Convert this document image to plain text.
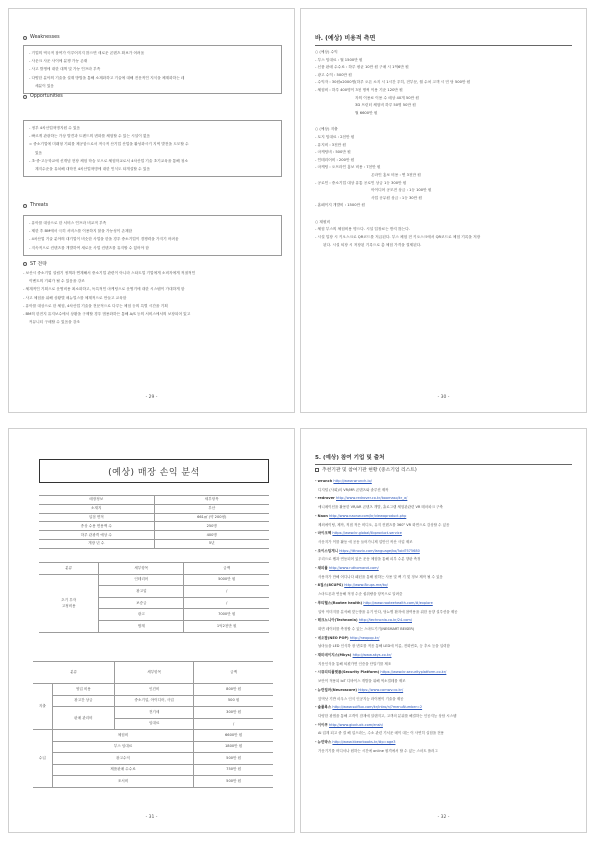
Weaknesses
- 기업의 역국적 참여가 이루어지지 않으면 새로운 콘텐츠 확보가 어려움
- 사운크 사운 사이에 분쟁 가능 존재
- 사고 발생에 대한 대책 및 가능 인프라 부족
- 다양한 분야의 기술을 설계 방법을 통해 소재화하고 기술에 대해 전문적인 지식을 체계화하는 데
세분이 있음
Opportunities
- 정부 4차산업혁명지원 수 있음
- 빠르게 관광하는 가상 발견과 트렌드의 변화를 체험할 수 있는 시설이 없음
= 중소기업에 미래형 기회를 제공함으로서 적극적 산기업 산업을 활성화시키 지역 발전을 도모할 수
있음
- 초·중·고등학교에 신개념 현장 체험 학습 모으로 체험학교로서 4차산업 기술 초기교육을 통해 청소
계지수준을 유치해 대학진 4차산업혁명에 대한 인식도 타개설할 수 있음
Threats
- 유아를 대상으로 한 서비스 인프라 비교적 부족
- 제한 후 BM에서 극히 서비스를 이용하지 않을 가능성이 존재함
- 4차산업 기술 분야의 대기업이 비슷한 사업을 한을 경우 중소기업이 경쟁력을 가지기 어려움
- 지속적으로 컨텐츠를 개발하여 새로운 사업 컨텐츠를 유지할 수 있어야 함
ST 전략
- 보산시 중소기업 설립기 정책과 연계해서 중소기업 관련이 아니라 스타트업 기업에게 소비자에게 적절적인
이벤트의 기회가 될 수 있음을 강조
- 체계적인 기획으로 운영비용 최소화하고, 독특적인 마케팅으로 운영기에 대한 시스템이 가대하게 함
- 사고 체험을 위해 상황별 매뉴얼스를 체계적으로 만들고 교육함
- 유아를 대상으로 한 체험, 4차산업 기술을 전문적으로 다루는 체험 등의 특별 시간을 기획
- BM의 한전지 유지보수에서 상황을 구제할 경우 범용화하든 통해 A/S 등의 서비스에서의 보장되어 있고
커뮤니티 구매할 수 있음을 강조
- 29 -
바. (예상) 비용적 측면
○ (예상) 수익
- 부스 임대료 : 월 1500만 원
- 신품 판매 수수료 : 하루 평균 10만 원 구매 시 1억6만 원
- 광고 수익 : 500만 원
- 수익자 : 30원x2000명(하루 오픈 소지 시 1시간 우히, 전부문, 월 수처 고객 시 민 당 500만 원
- 체험비 : 하루 400명이 3천 명씩 이용 기준 120만 원
자의 이용료 이용 수 매상 40개 50만 원
3D 프린터 체험비 하루 50명 50만 원
월 6600만 원
○ (예상) 지출
- 토지 임대료 : 2천만 원
- 유지비 : 3천만 원
- 마케팅비 : 500만 원
- 인테리어비 : 200만 원
- 마케팅 : 오프라인 홍보 비용 : 7천만 원
온라인 홍보 비용 : 연 3천만 원
- 공로인 : 중소기업 대상 유통 공로인 상금 1등 300만 원
아이디어 공모전 상금 : 1등 100만 원
사업 공무원 상금 : 1등 30만 원
- 홈페이지 개발비 : 1500만 원
○ 재원비
- 체험 부스의 체험비용 명으다. 시설 입장료는 받지 않는다.
- 시설 입장 시 키오스크로 QR코드를 저급된다. 부스 체험 전 키오스크에서 QR코드로 체험 기록을 저장
된다. 시설 퇴장 시 저장된 기록으로 총 체험 가격을 결제된다.
- 30 -
(예상) 매장 손익 분석
매장정보	세부항목
소재지	부산
입점 면적	661㎡ (약 200평)
종상 수용 면용액 수	250명
하루 관광객 예상 수	400명
개장 년 수	5년
분류	세부항목	금액

초기 투자
고정비용	인테리어	5000만 원
	광고업	/
	보증금	/
	광고	7000만 원
	합계	1억2천만 원
분류		세부항목	금액
지출	영업 비용	인건비	800만 원
	광고간 상금	중소기업, 아이디어, 사업	500 원
	판매 관리비	전기세	300만 원
		임대료	/
수입	체험비		6600만 원
	부스 임대료		1800만 원
	광고수익		500만 원
	제품판매 수수료		750만 원
	조서비		500만 원
- 31 -
5. (예상) 참여 기업 및 출처
추천기관 및 참여기관 현황 (중소기업 리스트)
- wrunch http://www.wrunch.io/
디지털 (사회)의 VR/MR 콘텐츠와 솔루션 제작
- redrover http://www.redrover.co.kr/boomaso/kr_a/
애니메이션을 활용한 VR/AR 콘텐츠 개발, 홀로그램 체험관관련 VR 테마파크 구축
- Naon http://www.naonw.com/kr/viewaproduct.php
제외에이팅, 제작, 직접 적은 비디오, 유지 컨텐츠를 360° VR 화면으로 감상할 수 있음
- 마이크팩 https://www.kr.global/libproduct-service
사운지가 이를 활동 에 공동 들어가니제 업만인 작산 사업 제조
- 조이스팀게니 https://ittnovix.com/language/ko/?oid?575680
우리으로 웹과 연동되어 있은 운동 체험을 통해 피부 수분 향판 측정
- 채피플 http://www.ruthomarot.com/
사용자가 만해 어디나다 패턴을 통해 원하는 사용 및 팩 기 및 정보 제작 될 수 있음
- 8접스(8CUPS) http://www.8cups.me/ko/
스마트폰과 연동해 적정 수준 섭취량을 항목으로 알려줌
- 루티헬스(Rootee health) http://www.rooteehealth.com/#/explore
일탁 이미지를 분석해 맞는방을 유기 안다, 당뇨병 환자에 참여용을 위한 동향 설루션을 제공
- 테크노니아(Technonia) http://technonia.co.kr/24.com/
화면 데이터를 측정할 수 있는 스마트기기(NESMART BEISER)
- 네오팝(NEO POP) http://neopop.kr/
날마들을 LED 인식하 장 변호를 적음 통해 LED에 이름, 전화번호, 등 추소 등을 입력함
- 재미데이지스(Mkys) http://www.akys.co.kr/
지문인식을 통해 퇴켰가면 인증을 단말기를 제조
- 시큐리티플랫폼(Security Platform) https://www.kr.securityplatform.co.kr/
보안이 적용되 IoT 디바이스 개발을 위해 역소멀테를 제조
- 뉴런컬러(Neuroscore) https://www.comwv.co.kr/
앞먹낫 기반 마우스 인식 인공지능 라이센이 기술을 제공
- 솔플록스 http://www.solflux.com/kr/intro/n/?menuNumber=2
다양한 광범을 통해 고객이 잠재에 알랜지고, 고객의 분위를 해결하는 인공지능 상담 시스템
- 이이쿠 http://www.giocluck.com/ensh/
AI 업계 되고 중 결 해 업으라는, 수소 관련 기서운 메이 대는 이 사연히 실험을 전용
- 뉴턴박스 http://www.kbearbooks.kr/#p=age3
가운기기를 어디서나 원하는 시간에 online 원격에서 할 수 있는 스마트 플러그
- 32 -
